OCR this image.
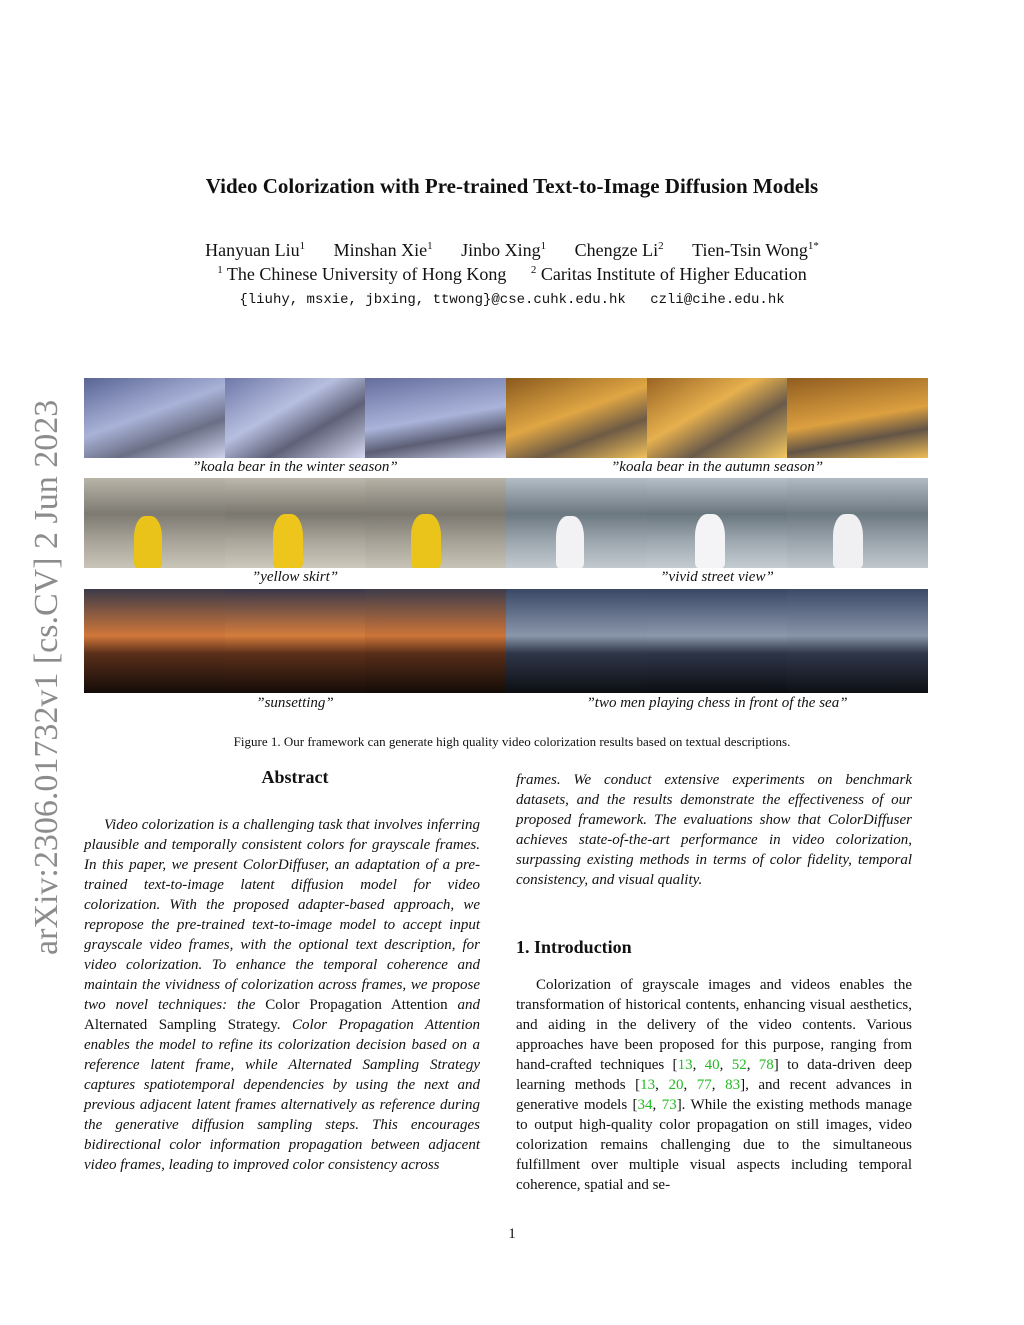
Video Colorization with Pre-trained Text-to-Image Diffusion Models
Hanyuan Liu$^1$ Minshan Xie$^1$ Jinbo Xing$^1$ Chengze Li$^2$ Tien-Tsin Wong$^{1*}$
$^1$ The Chinese University of Hong Kong $^2$ Caritas Institute of Higher Education
{liuhy, msxie, jbxing, ttwong}@cse.cuhk.edu.hk czli@cihe.edu.hk
arXiv:2306.01732v1 [cs.CV] 2 Jun 2023	”koala bear in the winter season”	”koala bear in the autumn season”
”yellow skirt”	”vivid street view”
”sunsetting”	”two men playing chess in front of the sea”
Figure 1. Our framework can generate high quality video colorization results based on textual descriptions.
Abstract

Video colorization is a challenging task that involves inferring plausible and temporally consistent colors for grayscale frames. In this paper, we present ColorDiffuser, an adaptation of a pre-trained text-to-image latent diffusion model for video colorization. With the proposed adapter-based approach, we repropose the pre-trained text-to-image model to accept input grayscale video frames, with the optional text description, for video colorization. To enhance the temporal coherence and maintain the vividness of colorization across frames, we propose two novel techniques: the Color Propagation Attention and Alternated Sampling Strategy. Color Propagation Attention enables the model to refine its colorization decision based on a reference latent frame, while Alternated Sampling Strategy captures spatiotemporal dependencies by using the next and previous adjacent latent frames alternatively as reference during the generative diffusion sampling steps. This encourages bidirectional color information propagation between adjacent video frames, leading to improved color consistency across

frames. We conduct extensive experiments on benchmark datasets, and the results demonstrate the effectiveness of our proposed framework. The evaluations show that ColorDiffuser achieves state-of-the-art performance in video colorization, surpassing existing methods in terms of color fidelity, temporal consistency, and visual quality.

1. Introduction

Colorization of grayscale images and videos enables the transformation of historical contents, enhancing visual aesthetics, and aiding in the delivery of the video contents. Various approaches have been proposed for this purpose, ranging from hand-crafted techniques [13, 40, 52, 78] to data-driven deep learning methods [13, 20, 77, 83], and recent advances in generative models [34, 73]. While the existing methods manage to output high-quality color propagation on still images, video colorization remains challenging due to the simultaneous fulfillment over multiple visual aspects including temporal coherence, spatial and se-

1
